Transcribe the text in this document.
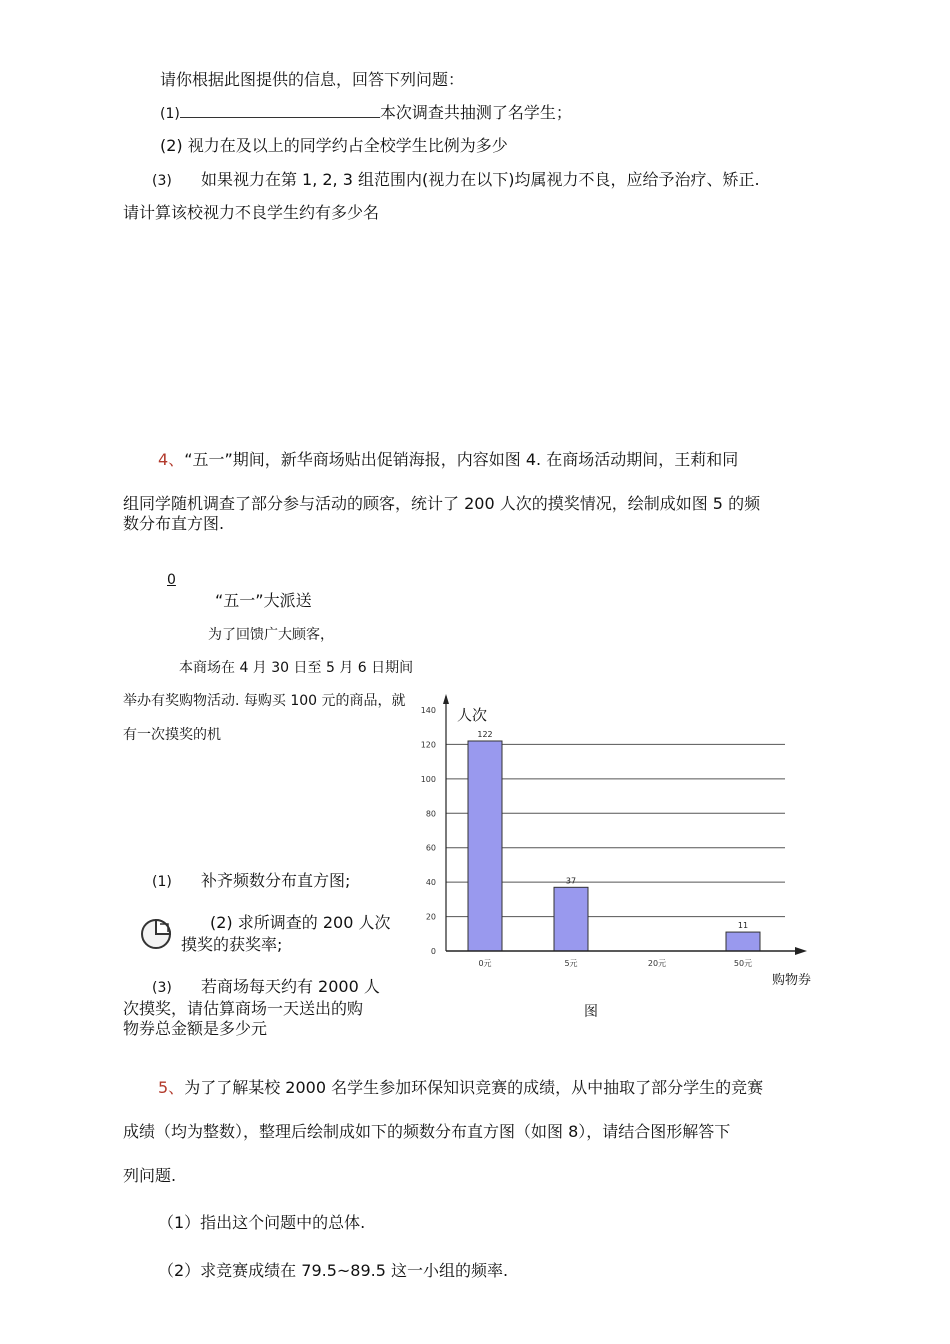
请你根据此图提供的信息，回答下列问题：
(1)	本次调查共抽测了名学生；
(2) 视力在及以上的同学约占全校学生比例为多少
(3) 如果视力在第 1, 2, 3 组范围内(视力在以下)均属视力不良，应给予治疗、矫正.
请计算该校视力不良学生约有多少名
4、“五一”期间，新华商场贴出促销海报，内容如图 4. 在商场活动期间，王莉和同
组同学随机调查了部分参与活动的顾客，统计了 200 人次的摸奖情况，绘制成如图 5 的频
数分布直方图.
0
“五一”大派送
为了回馈广大顾客，
本商场在 4 月 30 日至 5 月 6 日期间
举办有奖购物活动. 每购买 100 元的商品，就
有一次摸奖的机
(1) 补齐频数分布直方图;
(2) 求所调查的 200 人次
摸奖的获奖率;
(3) 若商场每天约有 2000 人
次摸奖，请估算商场一天送出的购
物券总金额是多少元
人次
购物券
图
0
20
40
60
80
100
120
140
122
0元
37
5元	20元
11
50元
5、为了了解某校 2000 名学生参加环保知识竞赛的成绩，从中抽取了部分学生的竞赛
成绩（均为整数），整理后绘制成如下的频数分布直方图（如图 8），请结合图形解答下
列问题.
（1）指出这个问题中的总体.
（2）求竞赛成绩在 79.5~89.5 这一小组的频率.
